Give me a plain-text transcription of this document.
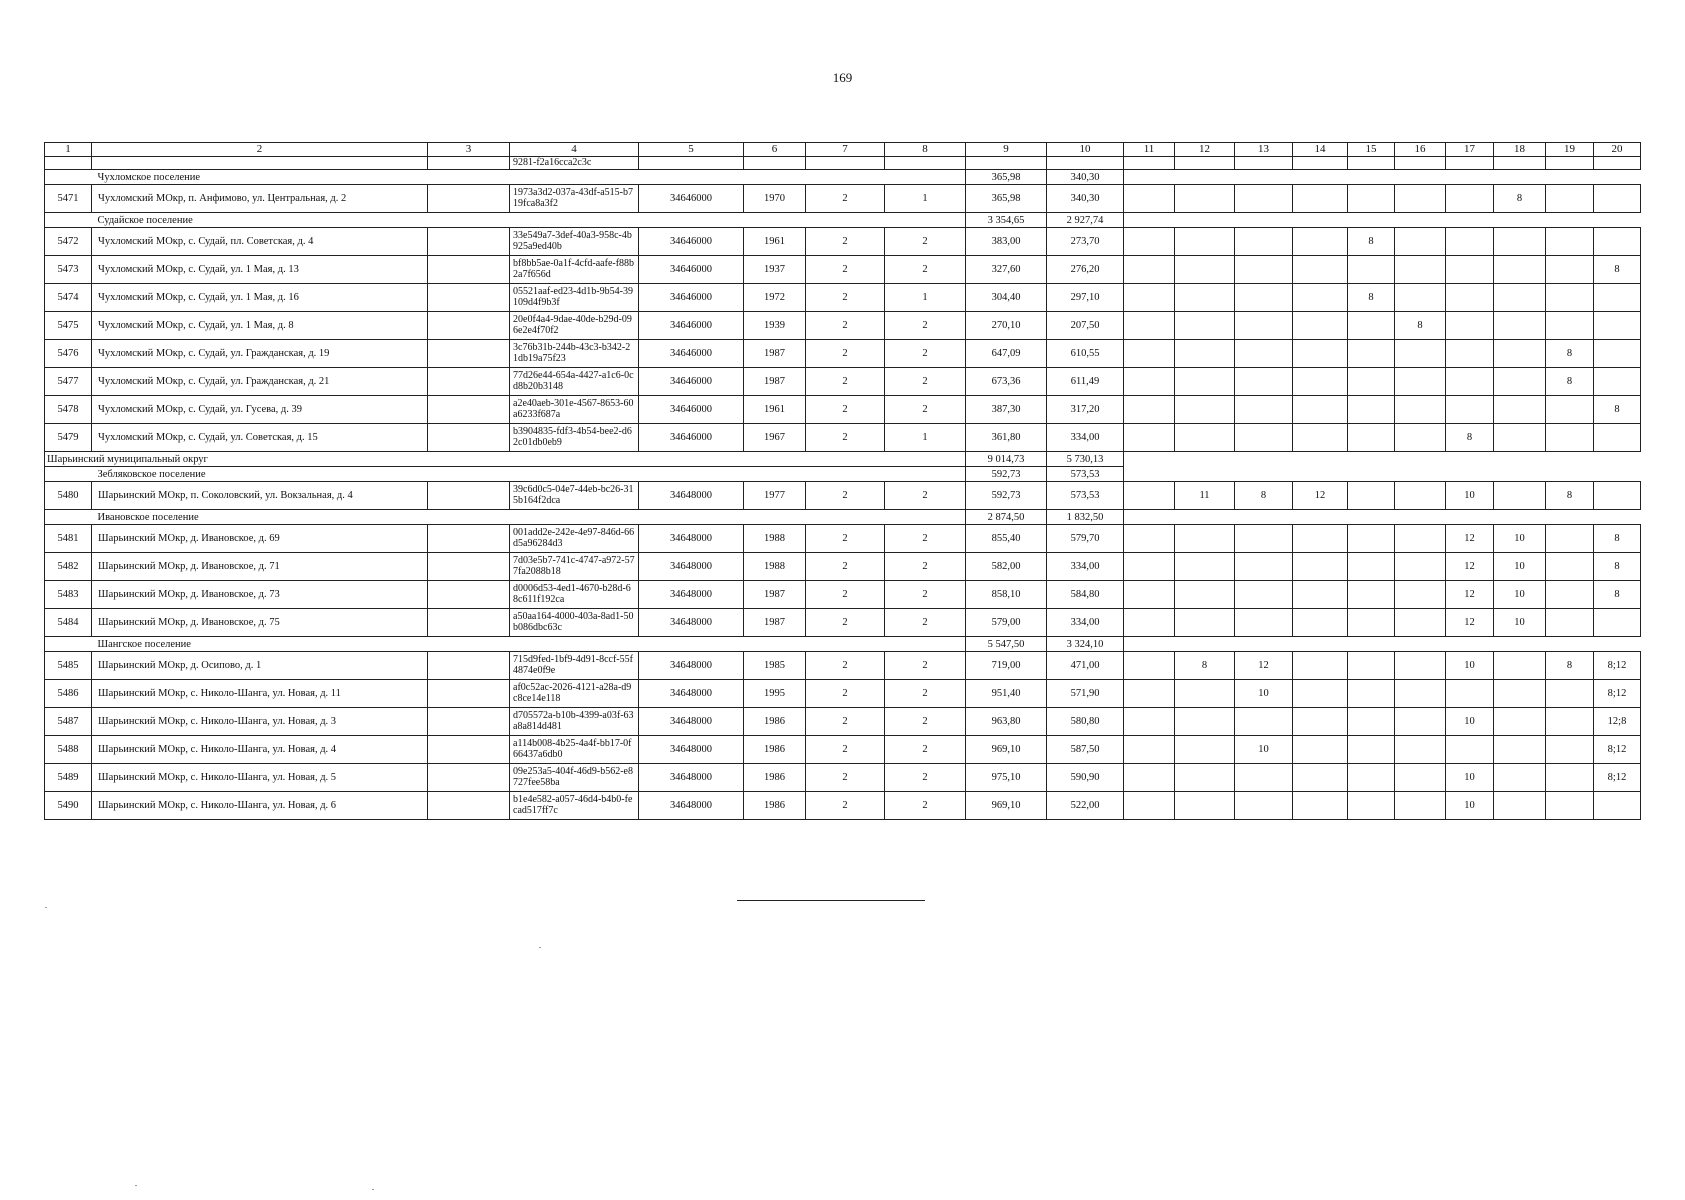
169
1	2	3	4	5	6	7	8	9	10	11	12	13	14	15	16	17	18	19	20
			9281-f2a16cca2c3c																
	Чухломское поселение							365,98	340,30										
5471	Чухломский МОкр, п. Анфимово, ул. Центральная, д. 2		1973a3d2-037a-43df-a515-b719fca8a3f2	34646000	1970	2	1	365,98	340,30								8		
	Судайское поселение							3 354,65	2 927,74										
5472	Чухломский МОкр, с. Судай, пл. Советская, д. 4		33e549a7-3def-40a3-958c-4b925a9ed40b	34646000	1961	2	2	383,00	273,70					8					
5473	Чухломский МОкр, с. Судай, ул. 1 Мая, д. 13		bf8bb5ae-0a1f-4cfd-aafe-f88b2a7f656d	34646000	1937	2	2	327,60	276,20										8
5474	Чухломский МОкр, с. Судай, ул. 1 Мая, д. 16		05521aaf-ed23-4d1b-9b54-39109d4f9b3f	34646000	1972	2	1	304,40	297,10					8					
5475	Чухломский МОкр, с. Судай, ул. 1 Мая, д. 8		20e0f4a4-9dae-40de-b29d-096e2e4f70f2	34646000	1939	2	2	270,10	207,50						8				
5476	Чухломский МОкр, с. Судай, ул. Гражданская, д. 19		3c76b31b-244b-43c3-b342-21db19a75f23	34646000	1987	2	2	647,09	610,55									8	
5477	Чухломский МОкр, с. Судай, ул. Гражданская, д. 21		77d26e44-654a-4427-a1c6-0cd8b20b3148	34646000	1987	2	2	673,36	611,49									8	
5478	Чухломский МОкр, с. Судай, ул. Гусева, д. 39		a2e40aeb-301e-4567-8653-60a6233f687a	34646000	1961	2	2	387,30	317,20										8
5479	Чухломский МОкр, с. Судай, ул. Советская, д. 15		b3904835-fdf3-4b54-bee2-d62c01db0eb9	34646000	1967	2	1	361,80	334,00							8			
Шарьинский муниципальный округ								9 014,73	5 730,13										
	Зебляковское поселение							592,73	573,53										
5480	Шарьинский МОкр, п. Соколовский, ул. Вокзальная, д. 4		39c6d0c5-04e7-44eb-bc26-315b164f2dca	34648000	1977	2	2	592,73	573,53		11	8	12			10		8	
	Ивановское поселение							2 874,50	1 832,50										
5481	Шарьинский МОкр, д. Ивановское, д. 69		001add2e-242e-4e97-846d-66d5a96284d3	34648000	1988	2	2	855,40	579,70							12	10		8
5482	Шарьинский МОкр, д. Ивановское, д. 71		7d03e5b7-741c-4747-a972-577fa2088b18	34648000	1988	2	2	582,00	334,00							12	10		8
5483	Шарьинский МОкр, д. Ивановское, д. 73		d0006d53-4ed1-4670-b28d-68c611f192ca	34648000	1987	2	2	858,10	584,80							12	10		8
5484	Шарьинский МОкр, д. Ивановское, д. 75		a50aa164-4000-403a-8ad1-50b086dbc63c	34648000	1987	2	2	579,00	334,00							12	10		
	Шангское поселение							5 547,50	3 324,10										
5485	Шарьинский МОкр, д. Осипово, д. 1		715d9fed-1bf9-4d91-8ccf-55f4874e0f9e	34648000	1985	2	2	719,00	471,00		8	12				10		8	8;12
5486	Шарьинский МОкр, с. Николо-Шанга, ул. Новая, д. 11		af0c52ac-2026-4121-a28a-d9c8ce14e118	34648000	1995	2	2	951,40	571,90			10							8;12
5487	Шарьинский МОкр, с. Николо-Шанга, ул. Новая, д. 3		d705572a-b10b-4399-a03f-63a8a814d481	34648000	1986	2	2	963,80	580,80							10			12;8
5488	Шарьинский МОкр, с. Николо-Шанга, ул. Новая, д. 4		a114b008-4b25-4a4f-bb17-0f66437a6db0	34648000	1986	2	2	969,10	587,50			10							8;12
5489	Шарьинский МОкр, с. Николо-Шанга, ул. Новая, д. 5		09e253a5-404f-46d9-b562-e8727fee58ba	34648000	1986	2	2	975,10	590,90							10			8;12
5490	Шарьинский МОкр, с. Николо-Шанга, ул. Новая, д. 6		b1e4e582-a057-46d4-b4b0-fecad517ff7c	34648000	1986	2	2	969,10	522,00							10			
